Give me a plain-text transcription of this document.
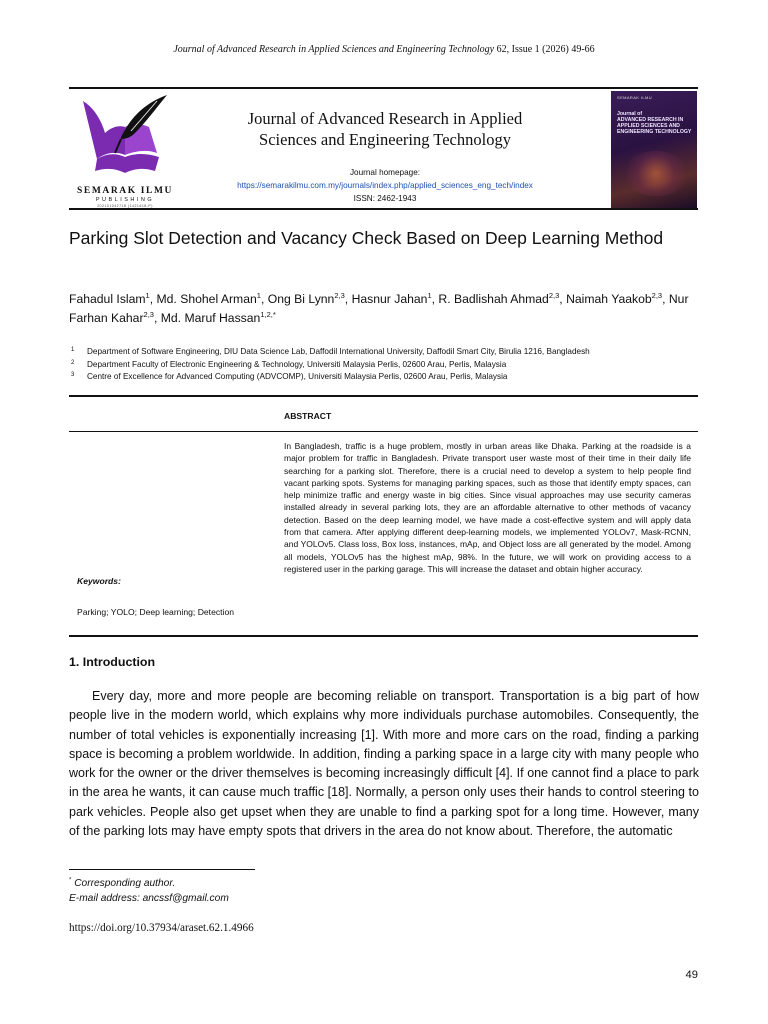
Journal of Advanced Research in Applied Sciences and Engineering Technology 62, Issue 1 (2026) 49-66
SEMARAK ILMU
PUBLISHING
202101042718 (1421618-P)
Journal of Advanced Research in Applied
Sciences and Engineering Technology
Journal homepage:
https://semarakilmu.com.my/journals/index.php/applied_sciences_eng_tech/index
ISSN: 2462-1943
SEMARAK ILMU
Journal of
ADVANCED RESEARCH IN
APPLIED SCIENCES AND
ENGINEERING TECHNOLOGY
Parking Slot Detection and Vacancy Check Based on Deep Learning Method
Fahadul Islam$^1$, Md. Shohel Arman$^1$, Ong Bi Lynn$^{2,3}$, Hasnur Jahan$^1$, R. Badlishah Ahmad$^{2,3}$, Naimah Yaakob$^{2,3}$, Nur Farhan Kahar$^{2,3}$, Md. Maruf Hassan$^{1,2,*}$
1 Department of Software Engineering, DIU Data Science Lab, Daffodil International University, Daffodil Smart City, Birulia 1216, Bangladesh
2 Department Faculty of Electronic Engineering & Technology, Universiti Malaysia Perlis, 02600 Arau, Perlis, Malaysia
3 Centre of Excellence for Advanced Computing (ADVCOMP), Universiti Malaysia Perlis, 02600 Arau, Perlis, Malaysia
ABSTRACT
In Bangladesh, traffic is a huge problem, mostly in urban areas like Dhaka. Parking at the roadside is a major problem for traffic in Bangladesh. Private transport user waste most of their time in their daily life searching for a parking slot. Therefore, there is a crucial need to develop a system to help people find vacant parking spots. Systems for managing parking spaces, such as those that identify empty spaces, can help minimize traffic and energy waste in big cities. Since visual approaches may use security cameras installed already in several parking lots, they are an affordable alternative to other methods of vacancy detection. Based on the deep learning model, we have made a cost-effective system and will apply data from that camera. After applying different deep-learning models, we implemented YOLOv7, Mask-RCNN, and YOLOv5. Class loss, Box loss, instances, mAp, and Object loss are all generated by the model. Among all models, YOLOv5 has the highest mAp, 98%. In the future, we will work on providing access to a registered user in the parking garage. This will increase the dataset and obtain higher accuracy.
Keywords:
Parking; YOLO; Deep learning; Detection
1. Introduction
Every day, more and more people are becoming reliable on transport. Transportation is a big part of how people live in the modern world, which explains why more individuals purchase automobiles. Consequently, the number of total vehicles is exponentially increasing [1]. With more and more cars on the road, finding a parking space is becoming a problem worldwide. In addition, finding a parking space in a large city with many people who work for the owner or the driver themselves is becoming increasingly difficult [4]. If one cannot find a place to park in the area he wants, it can cause much traffic [18]. Normally, a person only uses their hands to control steering to park vehicles. People also get upset when they are unable to find a parking spot for a long time. However, many of the parking lots may have empty spots that drivers in the area do not know about. Therefore, the automatic
* Corresponding author.
E-mail address: ancssf@gmail.com
https://doi.org/10.37934/araset.62.1.4966
49
